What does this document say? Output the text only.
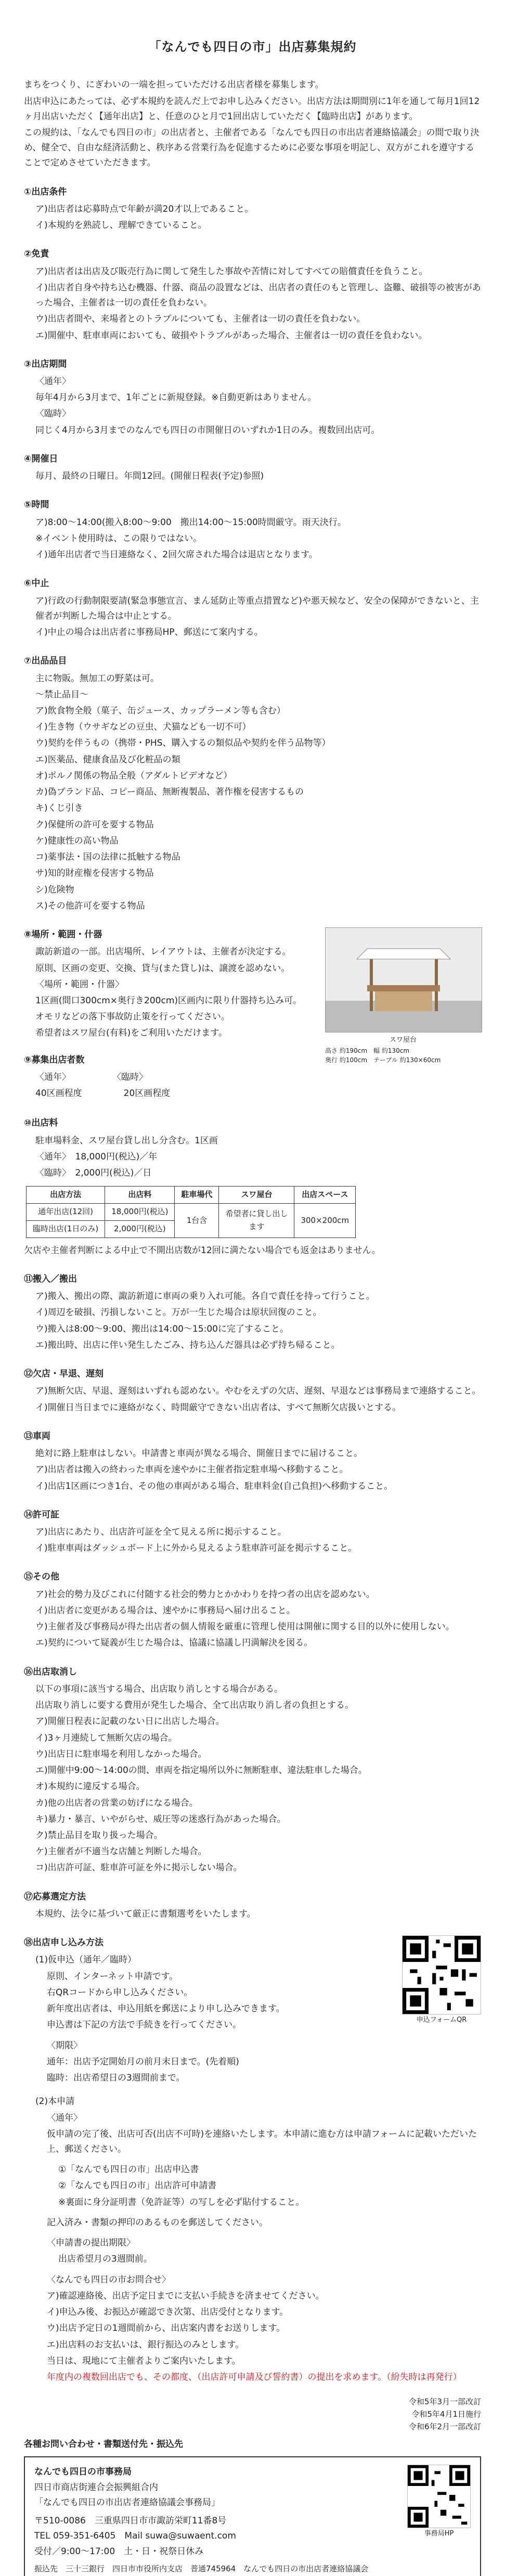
「なんでも四日の市」出店募集規約

まちをつくり、にぎわいの一端を担っていただける出店者様を募集します。

出店申込にあたっては、必ず本規約を読んだ上でお申し込みください。出店方法は期間別に1年を通して毎月1回12ヶ月出店いただく【通年出店】と、任意のひと月で1回出店していただく【臨時出店】があります。

この規約は、「なんでも四日の市」の出店者と、主催者である「なんでも四日の市出店者連絡協議会」の間で取り決め、健全で、自由な経済活動と、秩序ある営業行為を促進するために必要な事項を明記し、双方がこれを遵守することで定めさせていただきます。

①出店条件
ア)出店者は応募時点で年齢が満20才以上であること。
イ)本規約を熟読し、理解できていること。
②免責
ア)出店者は出店及び販売行為に関して発生した事故や苦情に対してすべての賠償責任を負うこと。
イ)出店者自身や持ち込む機器、什器、商品の設置などは、出店者の責任のもと管理し、盗難、破損等の被害があった場合、主催者は一切の責任を負わない。
ウ)出店者間や、来場者とのトラブルについても、主催者は一切の責任を負わない。
エ)開催中、駐車車両においても、破損やトラブルがあった場合、主催者は一切の責任を負わない。
③出店期間
〈通年〉
毎年4月から3月まで、1年ごとに新規登録。※自動更新はありません。
〈臨時〉
同じく4月から3月までのなんでも四日の市開催日のいずれか1日のみ。複数回出店可。
④開催日
毎月、最終の日曜日。年間12回。(開催日程表(予定)参照)
⑤時間
ア)8:00〜14:00(搬入8:00〜9:00　搬出14:00〜15:00時間厳守。雨天決行。
※イベント使用時は、この限りではない。
イ)通年出店者で当日連絡なく、2回欠席された場合は退店となります。
⑥中止
ア)行政の行動制限要請(緊急事態宣言、まん延防止等重点措置など)や悪天候など、安全の保障ができないと、主催者が判断した場合は中止とする。
イ)中止の場合は出店者に事務局HP、郵送にて案内する。
⑦出品品目
主に物販。無加工の野菜は可。
〜禁止品目〜
ア)飲食物全般（菓子、缶ジュース、カップラーメン等も含む）
イ)生き物（ウサギなどの豆虫、犬猫なども一切不可）
ウ)契約を伴うもの（携帯・PHS、購入するの類似品や契約を伴う品物等）
エ)医薬品、健康食品及び化粧品の類
オ)ポルノ関係の物品全般（アダルトビデオなど）
カ)偽ブランド品、コピー商品、無断複製品、著作権を侵害するもの
キ)くじ引き
ク)保健所の許可を要する物品
ケ)健康性の高い物品
コ)薬事法・国の法律に抵触する物品
サ)知的財産権を侵害する物品
シ)危険物
ス)その他許可を要する物品
⑧場所・範囲・什器
諏訪新道の一部。出店場所、レイアウトは、主催者が決定する。
原則、区画の変更、交換、貸与(また貸し)は、譲渡を認めない。
〈場所・範囲・什器〉
1区画(間口300cm×奥行き200cm)区画内に限り什器持ち込み可。
オモリなどの落下事故防止策を行ってください。
希望者はスワ屋台(有料)をご利用いただけます。
⑨募集出店者数
〈通年〉	〈臨時〉
40区画程度	20区画程度
スワ屋台
高さ 約190cm　幅 約130cm
奥行 約100cm　テーブル 約130×60cm
⑩出店料
駐車場料金、スワ屋台貸し出し分含む。1区画
〈通年〉　18,000円(税込)／年
〈臨時〉　2,000円(税込)／日
出店方法	出店料	駐車場代	スワ屋台	出店スペース
通年出店(12回)	18,000円(税込)	1台含	希望者に貸し出します	300×200cm
臨時出店(1日のみ)	2,000円(税込)			
欠店や主催者判断による中止で不開出店数が12回に満たない場合でも返金はありません。
⑪搬入／搬出
ア)搬入、搬出の際、諏訪新道に車両の乗り入れ可能。各自で責任を持って行うこと。
イ)周辺を破損、汚損しないこと。万が一生じた場合は原状回復のこと。
ウ)搬入は8:00〜9:00、搬出は14:00〜15:00に完了すること。
エ)搬出時、出店に伴い発生したごみ、持ち込んだ器具は必ず持ち帰ること。
⑫欠店・早退、遅刻
ア)無断欠店、早退、遅刻はいずれも認めない。やむをえずの欠店、遅刻、早退などは事務局まで連絡すること。
イ)開催日当日までに連絡がなく、時間厳守できない出店者は、すべて無断欠店扱いとする。
⑬車両
絶対に路上駐車はしない。申請書と車両が異なる場合、開催日までに届けること。
ア)出店者は搬入の終わった車両を速やかに主催者指定駐車場へ移動すること。
イ)出店1区画につき1台、その他の車両がある場合、駐車料金(自己負担)へ移動すること。
⑭許可証
ア)出店にあたり、出店許可証を全て見える所に掲示すること。
イ)駐車車両はダッシュボード上に外から見えるよう駐車許可証を掲示すること。
⑮その他
ア)社会的勢力及びこれに付随する社会的勢力とかかわりを持つ者の出店を認めない。
イ)出店者に変更がある場合は、速やかに事務局へ届け出ること。
ウ)主催者及び事務局が得た出店者の個人情報を厳重に管理し使用は開催に関する目的以外に使用しない。
エ)契約について疑義が生じた場合は、協議に協議し円満解決を図る。
⑯出店取消し
以下の事項に該当する場合、出店取り消しとする場合がある。
出店取り消しに要する費用が発生した場合、全て出店取り消し者の負担とする。
ア)開催日程表に記載のない日に出店した場合。
イ)3ヶ月連続して無断欠店の場合。
ウ)出店日に駐車場を利用しなかった場合。
エ)開催中9:00〜14:00の間、車両を指定場所以外に無断駐車、違法駐車した場合。
オ)本規約に違反する場合。
カ)他の出店者の営業の妨げになる場合。
キ)暴力・暴言、いやがらせ、威圧等の迷惑行為があった場合。
ク)禁止品目を取り扱った場合。
ケ)主催者が不適当な店舗と判断した場合。
コ)出店許可証、駐車許可証を外に掲示しない場合。
⑰応募選定方法
本規約、法令に基づいて厳正に書類選考をいたします。
⑱出店申し込み方法
(1)仮申込（通年／臨時）
原則、インターネット申請です。
右QRコードから申し込みください。
新年度出店者は、申込用紙を郵送により申し込みできます。
申込書は下記の方法で手続きを行ってください。
〈期限〉
通年：出店予定開始月の前月末日まで。(先着順)
臨時：出店希望日の3週間前まで。
申込フォームQR
(2)本申請
〈通年〉
仮申請の完了後、出店可否(出店不可時)を連絡いたします。本申請に進む方は申請フォームに記載いただいた上、郵送ください。
①「なんでも四日の市」出店申込書
②「なんでも四日の市」出店許可申請書
※裏面に身分証明書（免許証等）の写しを必ず貼付すること。
記入済み・書類の押印のあるものを郵送してください。
〈申請書の提出期限〉
出店希望月の3週間前。
〈なんでも四日の市お問合せ〉
ア)確認連絡後、出店予定日までに支払い手続きを済ませてください。
イ)申込み後、お振込が確認でき次第、出店受付となります。
ウ)出店予定日の1週間前から、出店案内書をお送りします。
エ)出店料のお支払いは、銀行振込のみとします。
当日は、現地にて主催者よりご案内いたします。
年度内の複数回出店でも、その都度、（出店許可申請及び誓約書）の提出を求めます。（紛失時は再発行）
令和5年3月一部改訂
令和5年4月1日施行
令和6年2月一部改訂
各種お問い合わせ・書類送付先・振込先
なんでも四日の市事務局
四日市商店街連合会振興組合内
「なんでも四日の市出店者連絡協議会事務局」
〒510-0086　三重県四日市市諏訪栄町11番8号
TEL 059-351-6405　Mail suwa@suwaent.com
受付／9:00〜17:00　土・日・祝祭日休み
振込先　三十三銀行　四日市市役所内支店　普通745964　なんでも四日の市出店者連絡協議会
事務局HP
